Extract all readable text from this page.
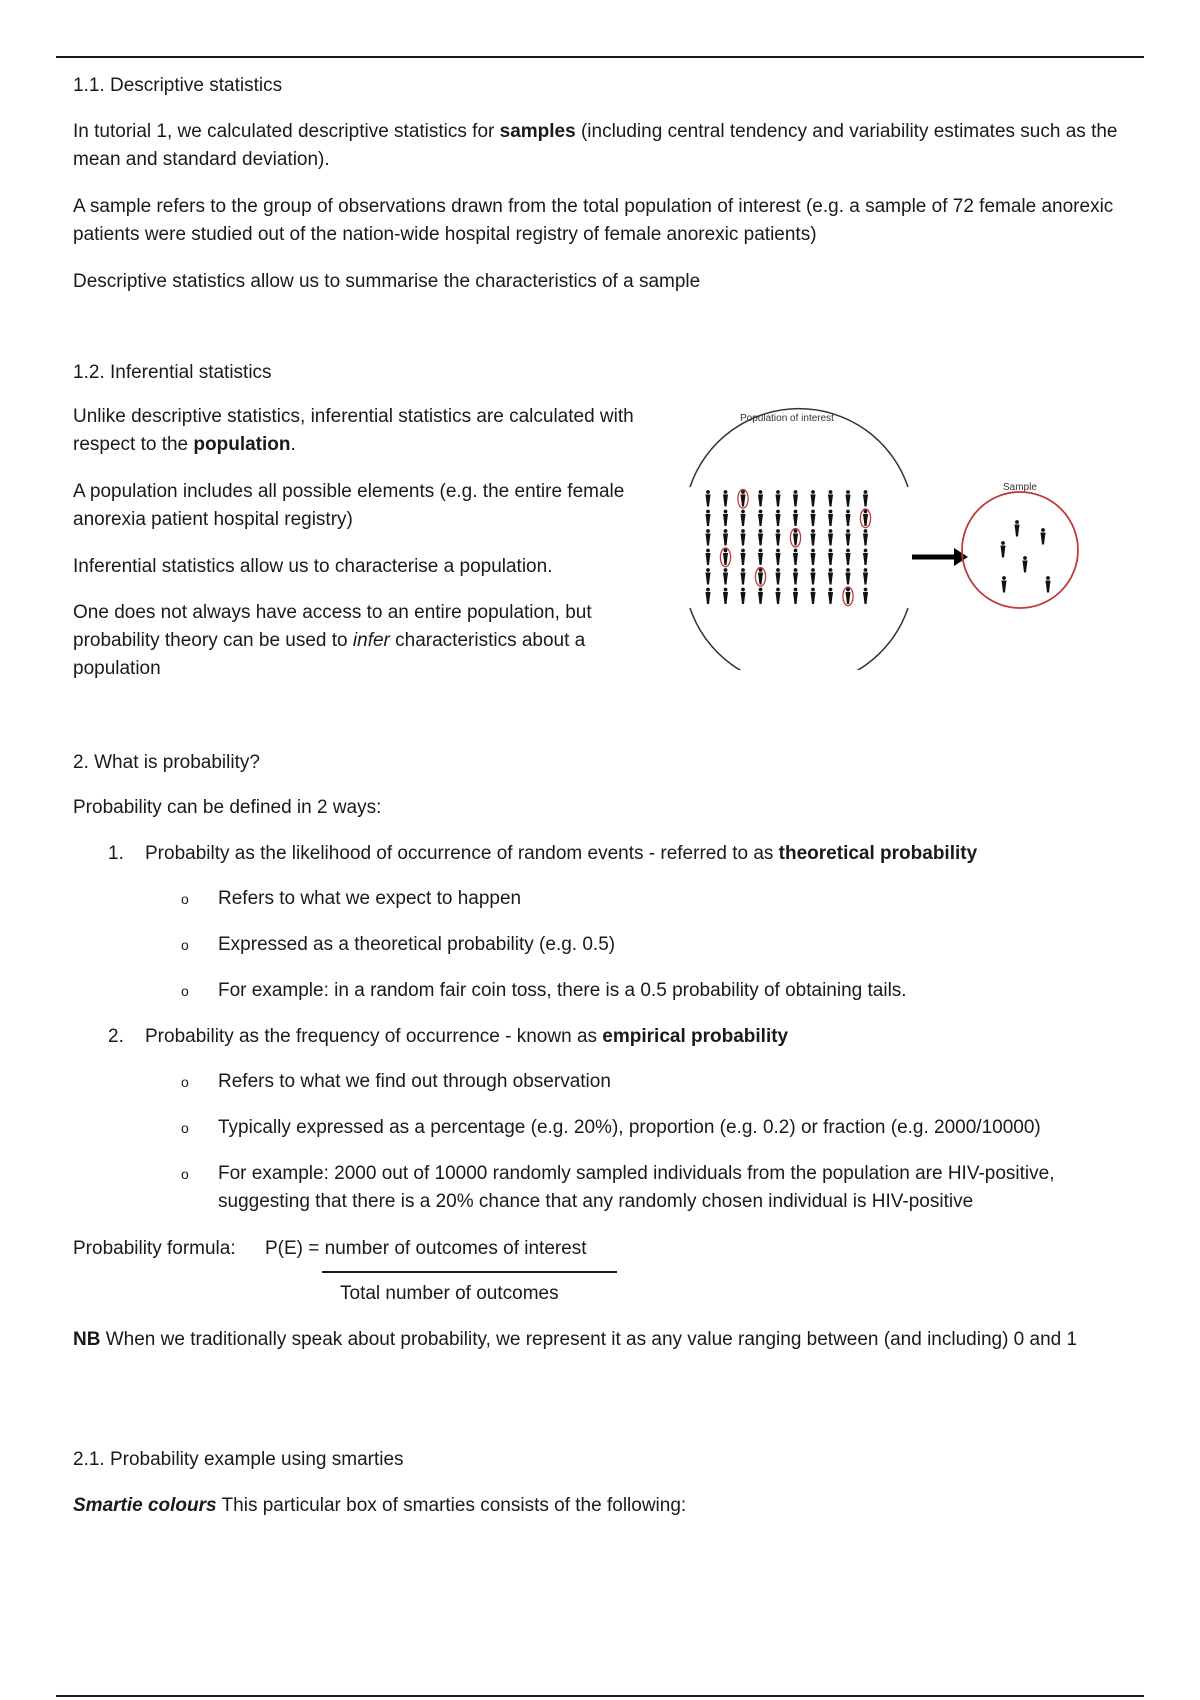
1.1. Descriptive statistics

In tutorial 1, we calculated descriptive statistics for samples (including central tendency and variability estimates such as the mean and standard deviation).

A sample refers to the group of observations drawn from the total population of interest (e.g. a sample of 72 female anorexic patients were studied out of the nation-wide hospital registry of female anorexic patients)

Descriptive statistics allow us to summarise the characteristics of a sample

1.2. Inferential statistics

Unlike descriptive statistics, inferential statistics are calculated with respect to the population.

A population includes all possible elements (e.g. the entire female anorexia patient hospital registry)

Inferential statistics allow us to characterise a population.

One does not always have access to an entire population, but probability theory can be used to infer characteristics about a population

Population of interest
Sample

2. What is probability?

Probability can be defined in 2 ways:

1. Probabilty as the likelihood of occurrence of random events - referred to as theoretical probability

o Refers to what we expect to happen

o Expressed as a theoretical probability (e.g. 0.5)

o For example: in a random fair coin toss, there is a 0.5 probability of obtaining tails.

2. Probability as the frequency of occurrence - known as empirical probability

o Refers to what we find out through observation

o Typically expressed as a percentage (e.g. 20%), proportion (e.g. 0.2) or fraction (e.g. 2000/10000)

o For example: 2000 out of 10000 randomly sampled individuals from the population are HIV-positive, suggesting that there is a 20% chance that any randomly chosen individual is HIV-positive

Probability formula: P(E) = number of outcomes of interest
Total number of outcomes

NB When we traditionally speak about probability, we represent it as any value ranging between (and including) 0 and 1

2.1. Probability example using smarties

Smartie colours This particular box of smarties consists of the following:
